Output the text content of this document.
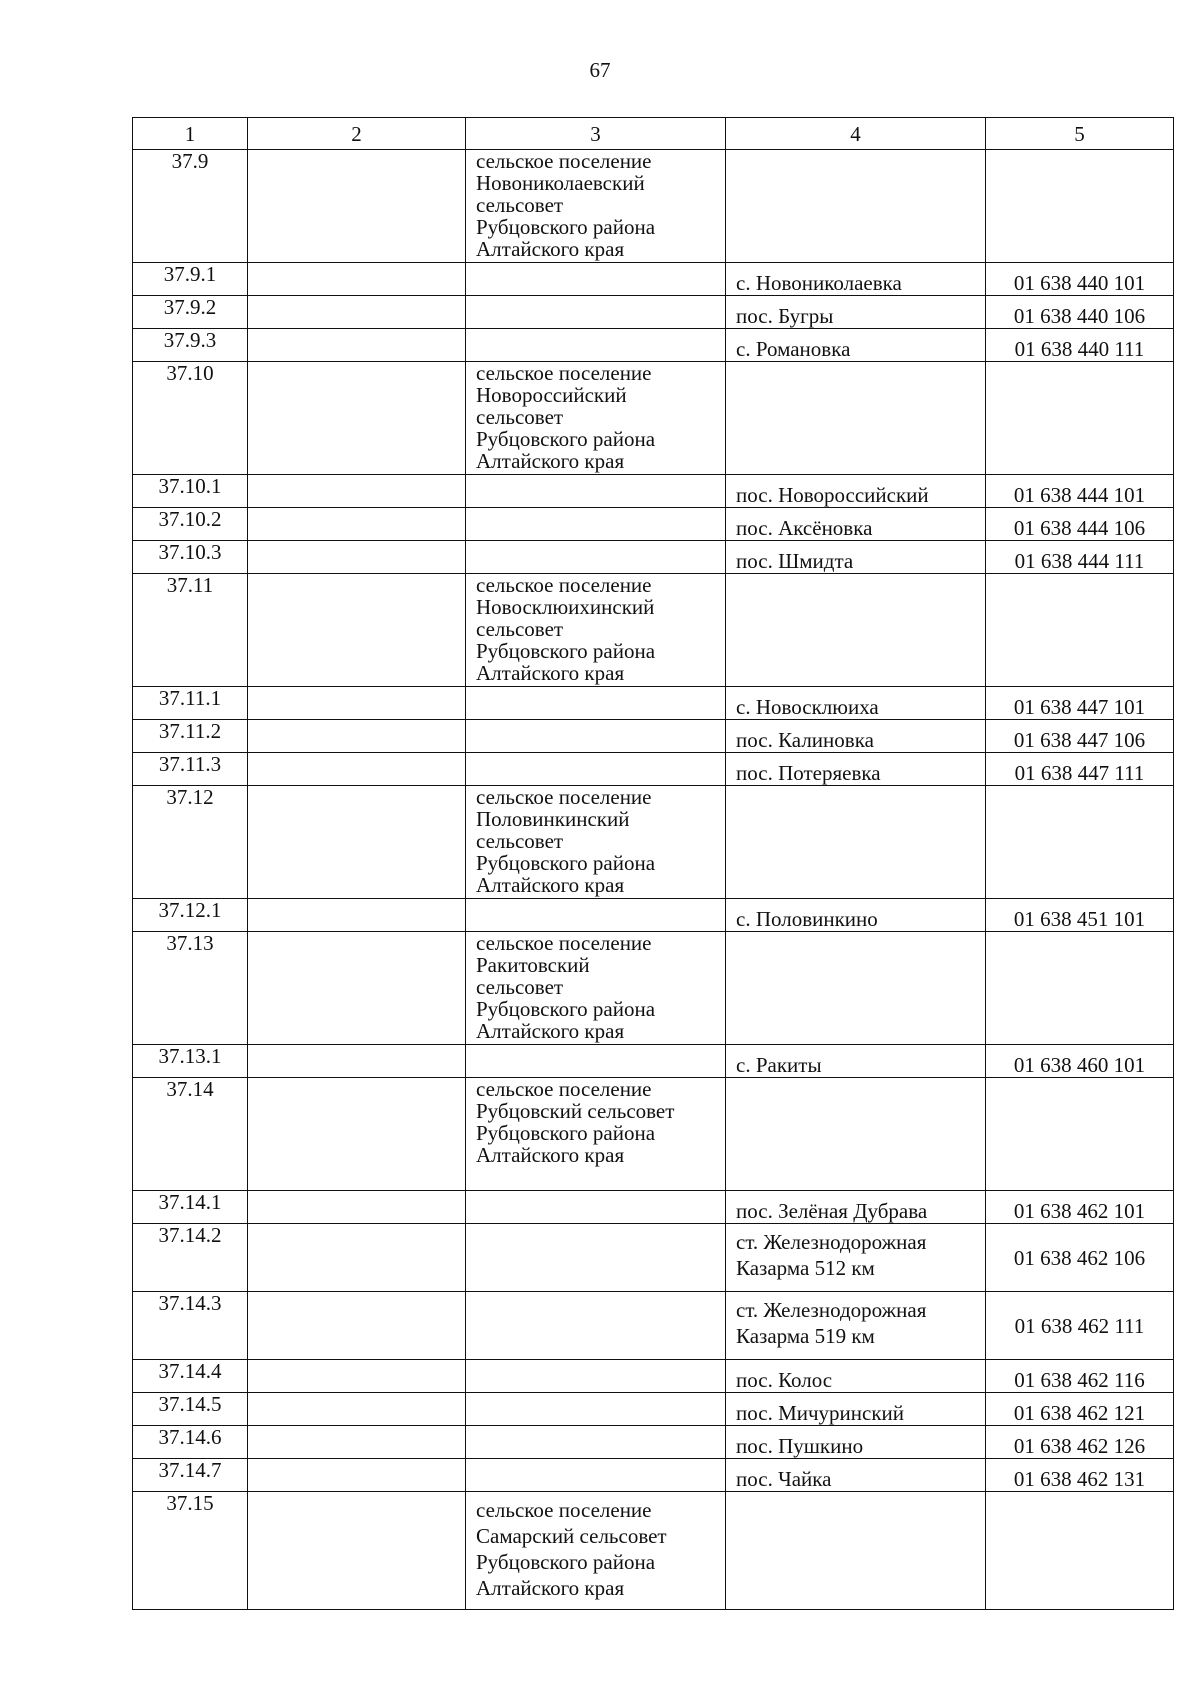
67
1	2	3	4	5
37.9		сельское поселение
Новониколаевский
сельсовет
Рубцовского района
Алтайского края		

37.9.1			с. Новониколаевка	01 638 440 101
37.9.2			пос. Бугры	01 638 440 106
37.9.3			с. Романовка	01 638 440 111
37.10		сельское поселение
Новороссийский
сельсовет
Рубцовского района
Алтайского края		

37.10.1			пос. Новороссийский	01 638 444 101
37.10.2			пос. Аксёновка	01 638 444 106
37.10.3			пос. Шмидта	01 638 444 111
37.11		сельское поселение
Новосклюихинский
сельсовет
Рубцовского района
Алтайского края		

37.11.1			с. Новосклюиха	01 638 447 101
37.11.2			пос. Калиновка	01 638 447 106
37.11.3			пос. Потеряевка	01 638 447 111
37.12		сельское поселение
Половинкинский
сельсовет
Рубцовского района
Алтайского края		

37.12.1			с. Половинкино	01 638 451 101
37.13		сельское поселение
Ракитовский
сельсовет
Рубцовского района
Алтайского края		

37.13.1			с. Ракиты	01 638 460 101
37.14		сельское поселение
Рубцовский сельсовет
Рубцовского района
Алтайского края		

37.14.1			пос. Зелёная Дубрава	01 638 462 101
37.14.2			ст. Железнодорожная
Казарма 512 км	01 638 462 106
37.14.3			ст. Железнодорожная
Казарма 519 км	01 638 462 111
37.14.4			пос. Колос	01 638 462 116
37.14.5			пос. Мичуринский	01 638 462 121
37.14.6			пос. Пушкино	01 638 462 126
37.14.7			пос. Чайка	01 638 462 131
37.15		сельское поселение
Самарский сельсовет
Рубцовского района
Алтайского края		
